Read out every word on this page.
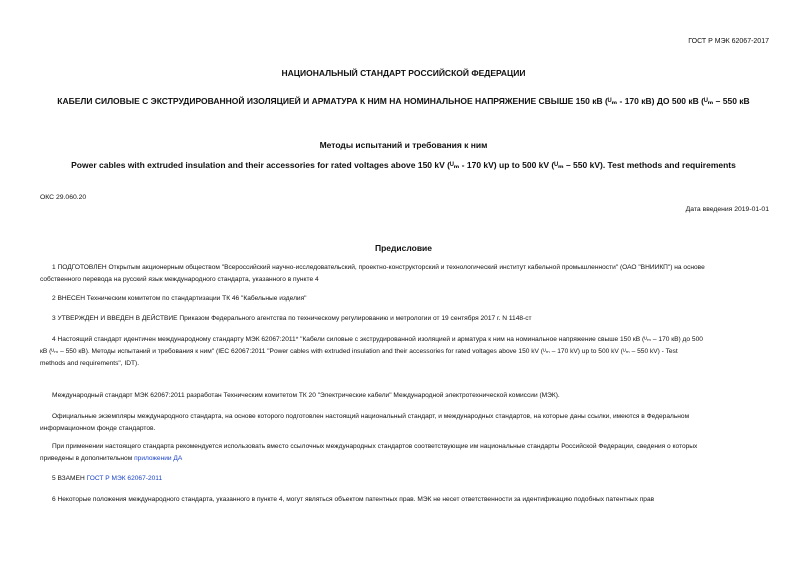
ГОСТ Р МЭК 62067-2017
НАЦИОНАЛЬНЫЙ СТАНДАРТ РОССИЙСКОЙ ФЕДЕРАЦИИ
КАБЕЛИ СИЛОВЫЕ С ЭКСТРУДИРОВАННОЙ ИЗОЛЯЦИЕЙ И АРМАТУРА К НИМ НА НОМИНАЛЬНОЕ НАПРЯЖЕНИЕ СВЫШЕ 150 кВ (ᵁₘ - 170 кВ) ДО 500 кВ (ᵁₘ – 550 кВ
Методы испытаний и требования к ним
Power cables with extruded insulation and their accessories for rated voltages above 150 kV (ᵁₘ - 170 kV) up to 500 kV (ᵁₘ – 550 kV). Test methods and requirements
ОКС 29.060.20
Дата введения 2019-01-01
Предисловие
1 ПОДГОТОВЛЕН Открытым акционерным обществом "Всероссийский научно-исследовательский, проектно-конструкторский и технологический институт кабельной промышленности" (ОАО "ВНИИКП") на основе
собственного перевода на русский язык международного стандарта, указанного в пункте 4
2 ВНЕСЕН Техническим комитетом по стандартизации ТК 46 "Кабельные изделия"
3 УТВЕРЖДЕН И ВВЕДЕН В ДЕЙСТВИЕ Приказом Федерального агентства по техническому регулированию и метрологии от 19 сентября 2017 г. N 1148-ст
4 Настоящий стандарт идентичен международному стандарту МЭК 62067:2011* "Кабели силовые с экструдированной изоляцией и арматура к ним на номинальное напряжение свыше 150 кВ (ᵁₘ – 170 кВ) до 500
кВ (ᵁₘ – 550 кВ). Методы испытаний и требования к ним" (IEC 62067:2011 "Power cables with extruded insulation and their accessories for rated voltages above 150 kV (ᵁₘ – 170 kV) up to 500 kV (ᵁₘ – 550 kV) - Test
methods and requirements", IDT).
Международный стандарт МЭК 62067:2011 разработан Техническим комитетом ТК 20 "Электрические кабели" Международной электротехнической комиссии (МЭК).
Официальные экземпляры международного стандарта, на основе которого подготовлен настоящий национальный стандарт, и международных стандартов, на которые даны ссылки, имеются в Федеральном
информационном фонде стандартов.
При применении настоящего стандарта рекомендуется использовать вместо ссылочных международных стандартов соответствующие им национальные стандарты Российской Федерации, сведения о которых
приведены в дополнительном приложении ДА
5 ВЗАМЕН ГОСТ Р МЭК 62067-2011
6 Некоторые положения международного стандарта, указанного в пункте 4, могут являться объектом патентных прав. МЭК не несет ответственности за идентификацию подобных патентных прав
